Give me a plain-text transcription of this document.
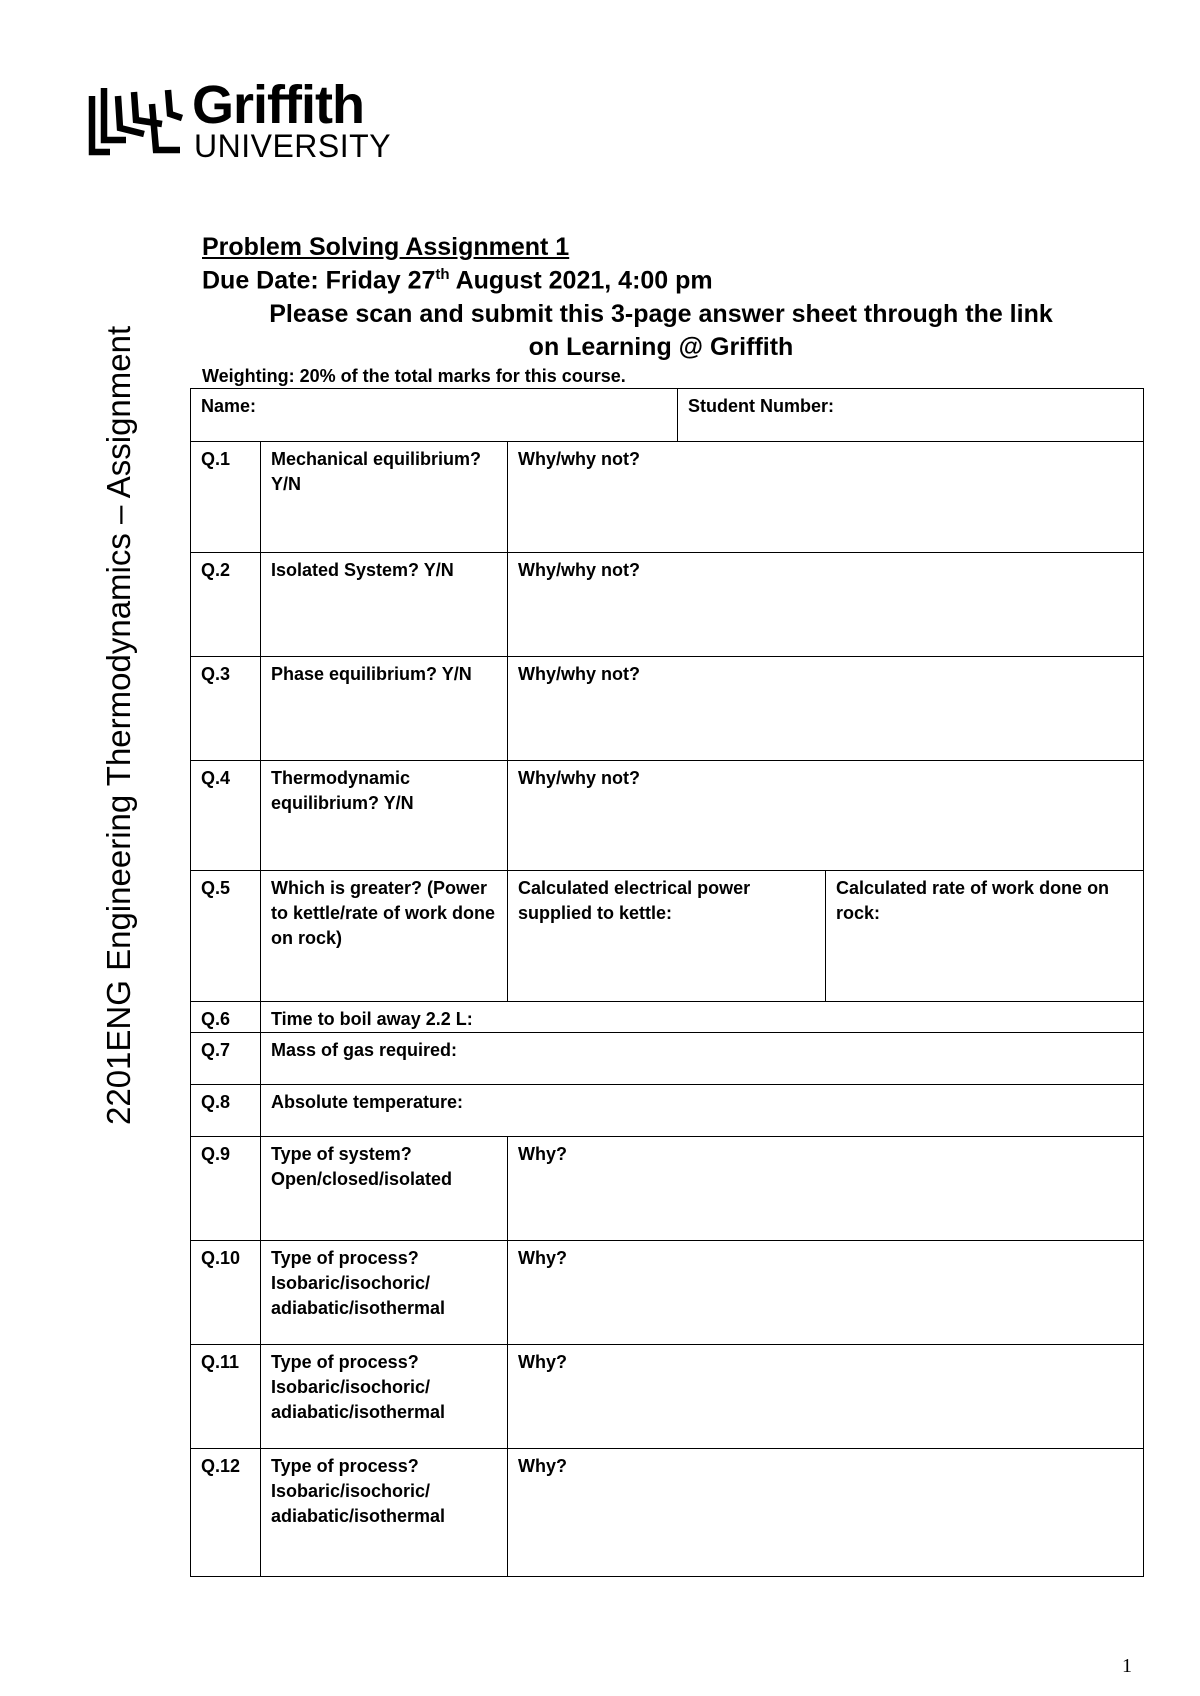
Griffith
UNIVERSITY
2201ENG Engineering Thermodynamics – Assignment
Problem Solving Assignment 1
Due Date: Friday 27th August 2021, 4:00 pm
Please scan and submit this 3-page answer sheet through the link
on Learning @ Griffith
Weighting: 20% of the total marks for this course.
Name:			Student Number:	
Q.1	Mechanical equilibrium? Y/N	Why/why not?		
Q.2	Isolated System? Y/N	Why/why not?		
Q.3	Phase equilibrium? Y/N	Why/why not?		
Q.4	Thermodynamic equilibrium? Y/N	Why/why not?		
Q.5	Which is greater? (Power to kettle/rate of work done on rock)	Calculated electrical power supplied to kettle:		Calculated rate of work done on rock:
Q.6	Time to boil away 2.2 L:			
Q.7	Mass of gas required:			
Q.8	Absolute temperature:			
Q.9	Type of system? Open/closed/isolated	Why?		
Q.10	Type of process? Isobaric/isochoric/ adiabatic/isothermal	Why?		
Q.11	Type of process? Isobaric/isochoric/ adiabatic/isothermal	Why?		
Q.12	Type of process? Isobaric/isochoric/ adiabatic/isothermal	Why?		
1
